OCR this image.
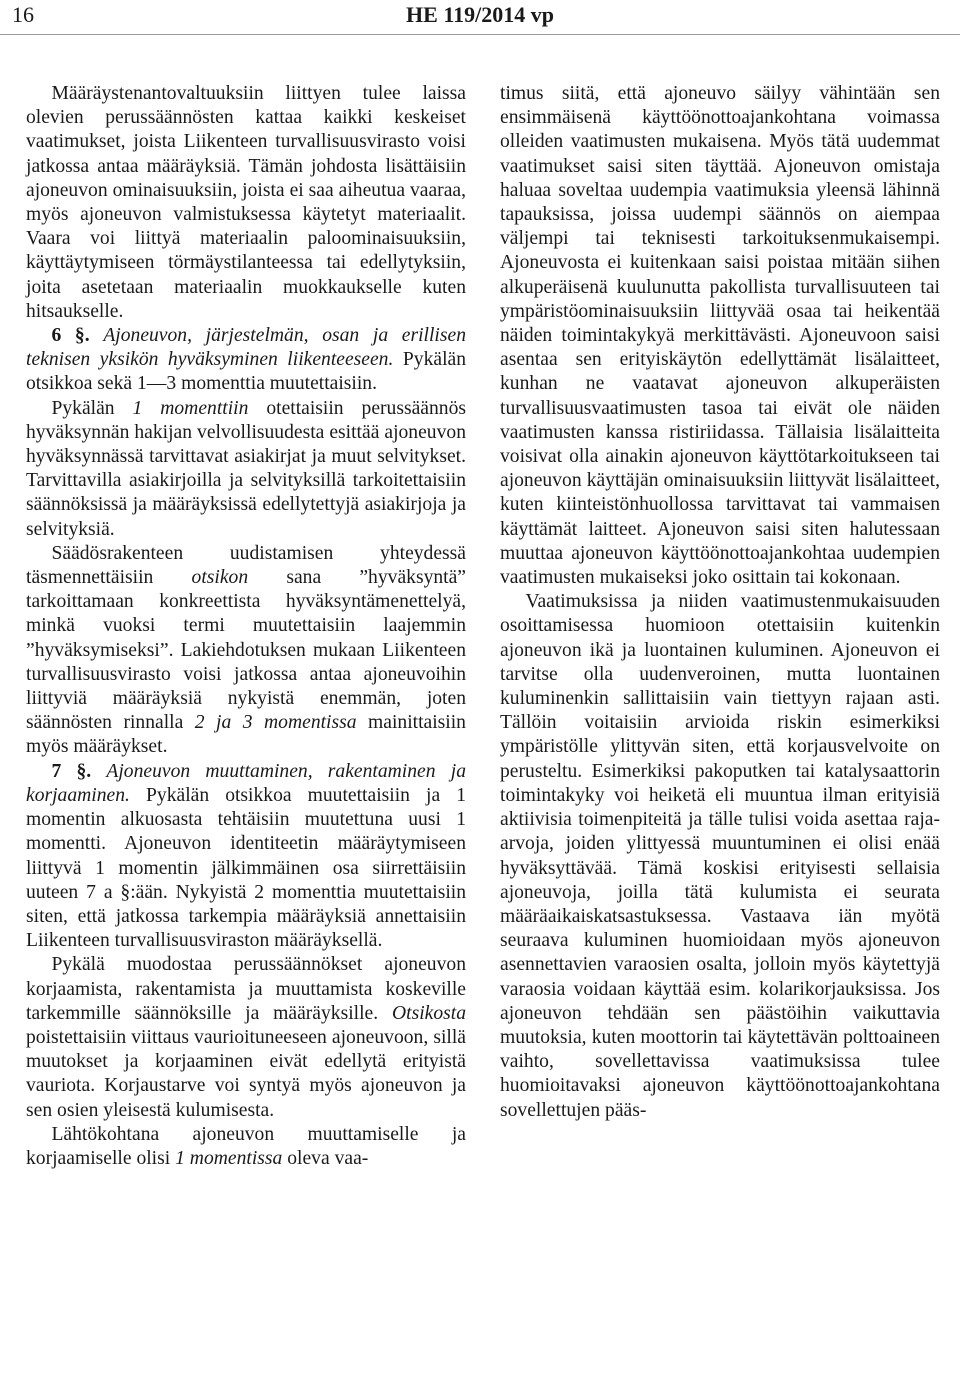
16	HE 119/2014 vp

Määräystenantovaltuuksiin liittyen tulee laissa olevien perussäännösten kattaa kaikki keskeiset vaatimukset, joista Liikenteen turvallisuusvirasto voisi jatkossa antaa määräyksiä. Tämän johdosta lisättäisiin ajoneuvon ominaisuuksiin, joista ei saa aiheutua vaaraa, myös ajoneuvon valmistuksessa käytetyt materiaalit. Vaara voi liittyä materiaalin paloominaisuuksiin, käyttäytymiseen törmäystilanteessa tai edellytyksiin, joita asetetaan materiaalin muokkaukselle kuten hitsaukselle.

6 §. Ajoneuvon, järjestelmän, osan ja erillisen teknisen yksikön hyväksyminen liikenteeseen. Pykälän otsikkoa sekä 1—3 momenttia muutettaisiin.

Pykälän 1 momenttiin otettaisiin perussäännös hyväksynnän hakijan velvollisuudesta esittää ajoneuvon hyväksynnässä tarvittavat asiakirjat ja muut selvitykset. Tarvittavilla asiakirjoilla ja selvityksillä tarkoitettaisiin säännöksissä ja määräyksissä edellytettyjä asiakirjoja ja selvityksiä.

Säädösrakenteen uudistamisen yhteydessä täsmennettäisiin otsikon sana ”hyväksyntä” tarkoittamaan konkreettista hyväksyntämenettelyä, minkä vuoksi termi muutettaisiin laajemmin ”hyväksymiseksi”. Lakiehdotuksen mukaan Liikenteen turvallisuusvirasto voisi jatkossa antaa ajoneuvoihin liittyviä määräyksiä nykyistä enemmän, joten säännösten rinnalla 2 ja 3 momentissa mainittaisiin myös määräykset.

7 §. Ajoneuvon muuttaminen, rakentaminen ja korjaaminen. Pykälän otsikkoa muutettaisiin ja 1 momentin alkuosasta tehtäisiin muutettuna uusi 1 momentti. Ajoneuvon identiteetin määräytymiseen liittyvä 1 momentin jälkimmäinen osa siirrettäisiin uuteen 7 a §:ään. Nykyistä 2 momenttia muutettaisiin siten, että jatkossa tarkempia määräyksiä annettaisiin Liikenteen turvallisuusviraston määräyksellä.

Pykälä muodostaa perussäännökset ajoneuvon korjaamista, rakentamista ja muuttamista koskeville tarkemmille säännöksille ja määräyksille. Otsikosta poistettaisiin viittaus vaurioituneeseen ajoneuvoon, sillä muutokset ja korjaaminen eivät edellytä erityistä vauriota. Korjaustarve voi syntyä myös ajoneuvon ja sen osien yleisestä kulumisesta.

Lähtökohtana ajoneuvon muuttamiselle ja korjaamiselle olisi 1 momentissa oleva vaa-

timus siitä, että ajoneuvo säilyy vähintään sen ensimmäisenä käyttöönottoajankohtana voimassa olleiden vaatimusten mukaisena. Myös tätä uudemmat vaatimukset saisi siten täyttää. Ajoneuvon omistaja haluaa soveltaa uudempia vaatimuksia yleensä lähinnä tapauksissa, joissa uudempi säännös on aiempaa väljempi tai teknisesti tarkoituksenmukaisempi. Ajoneuvosta ei kuitenkaan saisi poistaa mitään siihen alkuperäisenä kuulunutta pakollista turvallisuuteen tai ympäristöominaisuuksiin liittyvää osaa tai heikentää näiden toimintakykyä merkittävästi. Ajoneuvoon saisi asentaa sen erityiskäytön edellyttämät lisälaitteet, kunhan ne vaatavat ajoneuvon alkuperäisten turvallisuusvaatimusten tasoa tai eivät ole näiden vaatimusten kanssa ristiriidassa. Tällaisia lisälaitteita voisivat olla ainakin ajoneuvon käyttötarkoitukseen tai ajoneuvon käyttäjän ominaisuuksiin liittyvät lisälaitteet, kuten kiinteistönhuollossa tarvittavat tai vammaisen käyttämät laitteet. Ajoneuvon saisi siten halutessaan muuttaa ajoneuvon käyttöönottoajankohtaa uudempien vaatimusten mukaiseksi joko osittain tai kokonaan.

Vaatimuksissa ja niiden vaatimustenmukaisuuden osoittamisessa huomioon otettaisiin kuitenkin ajoneuvon ikä ja luontainen kuluminen. Ajoneuvon ei tarvitse olla uudenveroinen, mutta luontainen kuluminenkin sallittaisiin vain tiettyyn rajaan asti. Tällöin voitaisiin arvioida riskin esimerkiksi ympäristölle ylittyvän siten, että korjausvelvoite on perusteltu. Esimerkiksi pakoputken tai katalysaattorin toimintakyky voi heiketä eli muuntua ilman erityisiä aktiivisia toimenpiteitä ja tälle tulisi voida asettaa raja-arvoja, joiden ylittyessä muuntuminen ei olisi enää hyväksyttävää. Tämä koskisi erityisesti sellaisia ajoneuvoja, joilla tätä kulumista ei seurata määräaikaiskatsastuksessa. Vastaava iän myötä seuraava kuluminen huomioidaan myös ajoneuvon asennettavien varaosien osalta, jolloin myös käytettyjä varaosia voidaan käyttää esim. kolarikorjauksissa. Jos ajoneuvon tehdään sen päästöihin vaikuttavia muutoksia, kuten moottorin tai käytettävän polttoaineen vaihto, sovellettavissa vaatimuksissa tulee huomioitavaksi ajoneuvon käyttöönottoajankohtana sovellettujen pääs-
